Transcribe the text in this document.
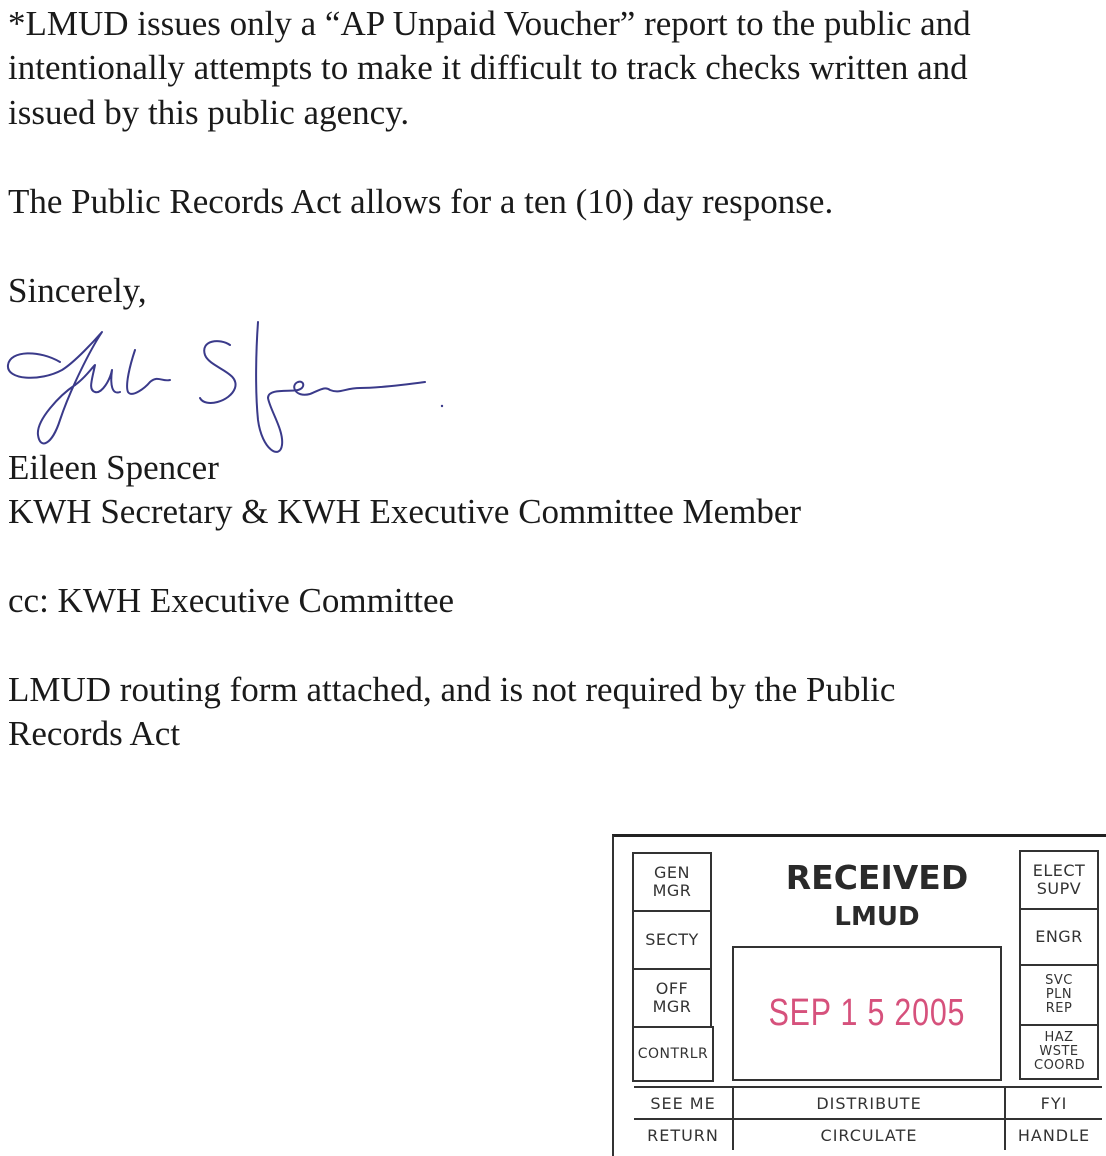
*LMUD issues only a “AP Unpaid Voucher” report to the public and
intentionally attempts to make it difficult to track checks written and
issued by this public agency.
The Public Records Act allows for a ten (10) day response.
Sincerely,
Eileen Spencer
KWH Secretary & KWH Executive Committee Member
cc: KWH Executive Committee
LMUD routing form attached, and is not required by the Public
Records Act
GEN MGR
SECTY
OFF MGR
CONTRLR
RECEIVED
LMUD
SEP 1 5 2005
ELECT SUPV
ENGR
SVC PLN REP
HAZ WSTE COORD
SEE ME	DISTRIBUTE	FYI
RETURN	CIRCULATE	HANDLE
